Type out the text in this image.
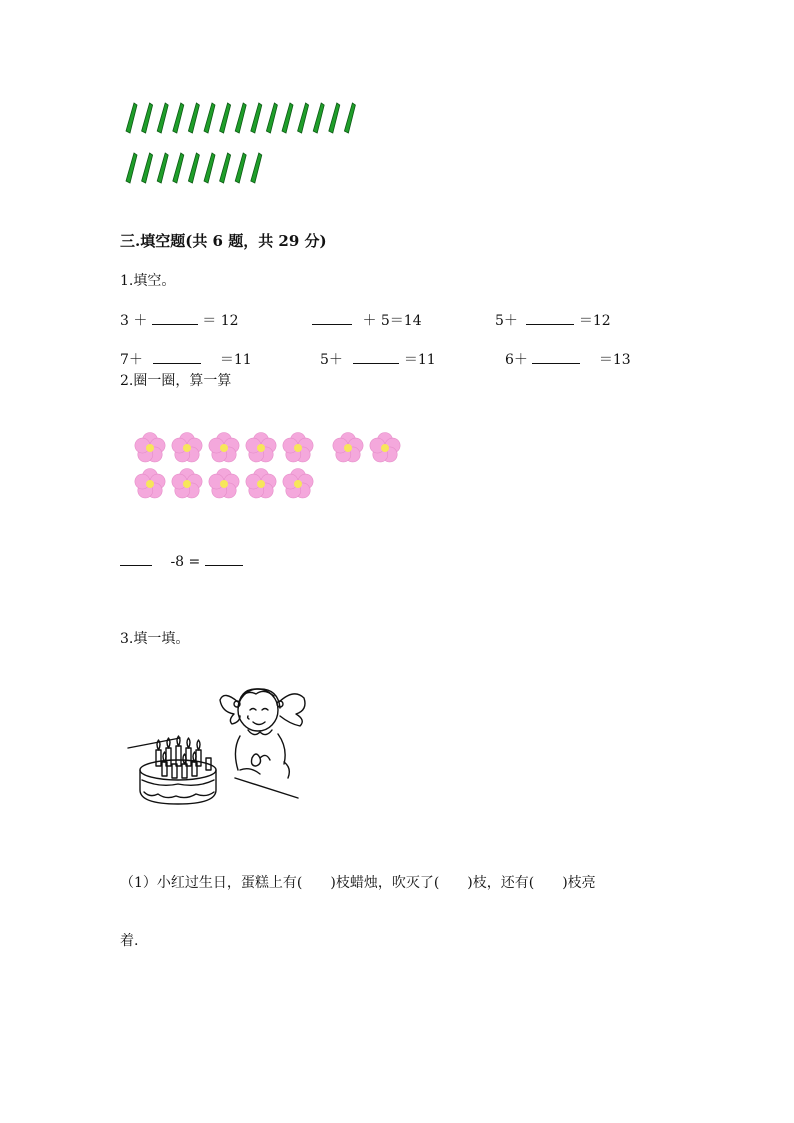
三.填空题(共 6 题，共 29 分)
1.填空。
3 ＋	＝ 12	＋ 5＝14	5＋	＝12
7＋	＝11	5＋	＝11	6＋	＝13
2.圈一圈，算一算
-8 =
3.填一填。
（1）小红过生日，蛋糕上有(　　)枝蜡烛，吹灭了(　　)枝，还有(　　)枝亮
着.
